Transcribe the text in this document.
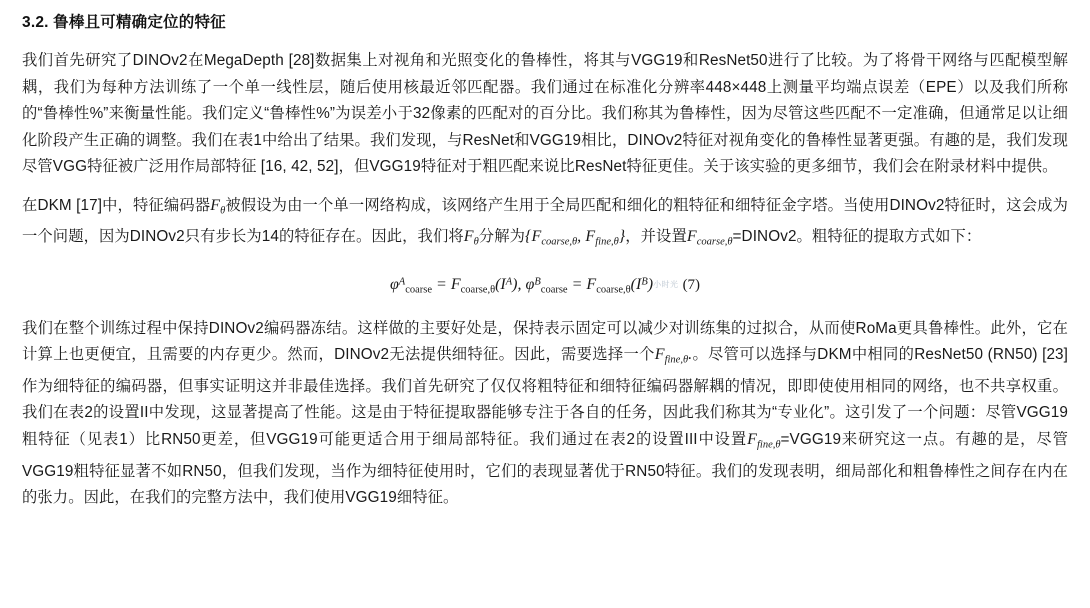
3.2. 鲁棒且可精确定位的特征

我们首先研究了DINOv2在MegaDepth [28]数据集上对视角和光照变化的鲁棒性，将其与VGG19和ResNet50进行了比较。为了将骨干网络与匹配模型解耦，我们为每种方法训练了一个单一线性层，随后使用核最近邻匹配器。我们通过在标准化分辨率448×448上测量平均端点误差（EPE）以及我们所称的“鲁棒性%”来衡量性能。我们定义“鲁棒性%”为误差小于32像素的匹配对的百分比。我们称其为鲁棒性，因为尽管这些匹配不一定准确，但通常足以让细化阶段产生正确的调整。我们在表1中给出了结果。我们发现，与ResNet和VGG19相比，DINOv2特征对视角变化的鲁棒性显著更强。有趣的是，我们发现尽管VGG特征被广泛用作局部特征 [16, 42, 52]，但VGG19特征对于粗匹配来说比ResNet特征更佳。关于该实验的更多细节，我们会在附录材料中提供。

在DKM [17]中，特征编码器$F_\theta$被假设为由一个单一网络构成，该网络产生用于全局匹配和细化的粗特征和细特征金字塔。当使用DINOv2特征时，这会成为一个问题，因为DINOv2只有步长为14的特征存在。因此，我们将$F_\theta$分解为{$F_{coarse,\theta}$, $F_{fine,\theta}$}，并设置$F_{coarse,\theta}=DINOv2$。粗特征的提取方式如下：

$\varphi^A_{coarse} = F_{coarse,\theta}(I^A)$, $\varphi^B_{coarse} = F_{coarse,\theta}(I^B)$小时光 (7)

我们在整个训练过程中保持DINOv2编码器冻结。这样做的主要好处是，保持表示固定可以减少对训练集的过拟合，从而使RoMa更具鲁棒性。此外，它在计算上也更便宜，且需要的内存更少。然而，DINOv2无法提供细特征。因此，需要选择一个$F_{fine,\theta}$.。尽管可以选择与DKM中相同的ResNet50 (RN50) [23]作为细特征的编码器，但事实证明这并非最佳选择。我们首先研究了仅仅将粗特征和细特征编码器解耦的情况，即即使使用相同的网络，也不共享权重。我们在表2的设置II中发现，这显著提高了性能。这是由于特征提取器能够专注于各自的任务，因此我们称其为“专业化”。这引发了一个问题：尽管VGG19粗特征（见表1）比RN50更差，但VGG19可能更适合用于细局部特征。我们通过在表2的设置III中设置$F_{fine,\theta}=VGG19$来研究这一点。有趣的是，尽管VGG19粗特征显著不如RN50，但我们发现，当作为细特征使用时，它们的表现显著优于RN50特征。我们的发现表明，细局部化和粗鲁棒性之间存在内在的张力。因此，在我们的完整方法中，我们使用VGG19细特征。
